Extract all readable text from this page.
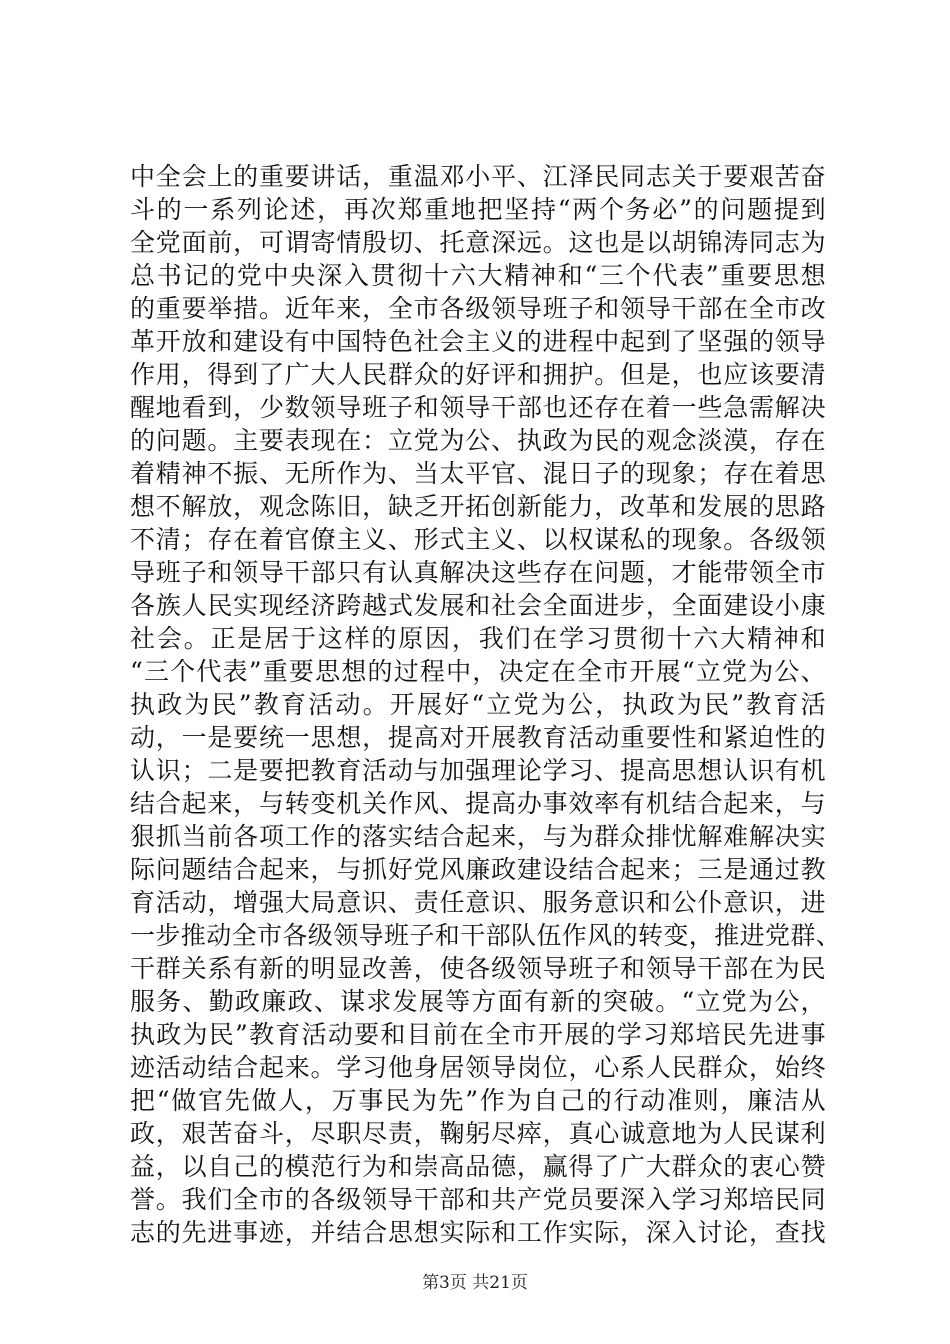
中全会上的重要讲话，重温邓小平、江泽民同志关于要艰苦奋
斗的一系列论述，再次郑重地把坚持“两个务必”的问题提到
全党面前，可谓寄情殷切、托意深远。这也是以胡锦涛同志为
总书记的党中央深入贯彻十六大精神和“三个代表”重要思想
的重要举措。近年来，全市各级领导班子和领导干部在全市改
革开放和建设有中国特色社会主义的进程中起到了坚强的领导
作用，得到了广大人民群众的好评和拥护。但是，也应该要清
醒地看到，少数领导班子和领导干部也还存在着一些急需解决
的问题。主要表现在：立党为公、执政为民的观念淡漠，存在
着精神不振、无所作为、当太平官、混日子的现象；存在着思
想不解放，观念陈旧，缺乏开拓创新能力，改革和发展的思路
不清；存在着官僚主义、形式主义、以权谋私的现象。各级领
导班子和领导干部只有认真解决这些存在问题，才能带领全市
各族人民实现经济跨越式发展和社会全面进步，全面建设小康
社会。正是居于这样的原因，我们在学习贯彻十六大精神和
“三个代表”重要思想的过程中，决定在全市开展“立党为公、
执政为民”教育活动。开展好“立党为公，执政为民”教育活
动，一是要统一思想，提高对开展教育活动重要性和紧迫性的
认识；二是要把教育活动与加强理论学习、提高思想认识有机
结合起来，与转变机关作风、提高办事效率有机结合起来，与
狠抓当前各项工作的落实结合起来，与为群众排忧解难解决实
际问题结合起来，与抓好党风廉政建设结合起来；三是通过教
育活动，增强大局意识、责任意识、服务意识和公仆意识，进
一步推动全市各级领导班子和干部队伍作风的转变，推进党群、
干群关系有新的明显改善，使各级领导班子和领导干部在为民
服务、勤政廉政、谋求发展等方面有新的突破。“立党为公，
执政为民”教育活动要和目前在全市开展的学习郑培民先进事
迹活动结合起来。学习他身居领导岗位，心系人民群众，始终
把“做官先做人，万事民为先”作为自己的行动准则，廉洁从
政，艰苦奋斗，尽职尽责，鞠躬尽瘁，真心诚意地为人民谋利
益，以自己的模范行为和崇高品德，赢得了广大群众的衷心赞
誉。我们全市的各级领导干部和共产党员要深入学习郑培民同
志的先进事迹，并结合思想实际和工作实际，深入讨论，查找
第3页 共21页
